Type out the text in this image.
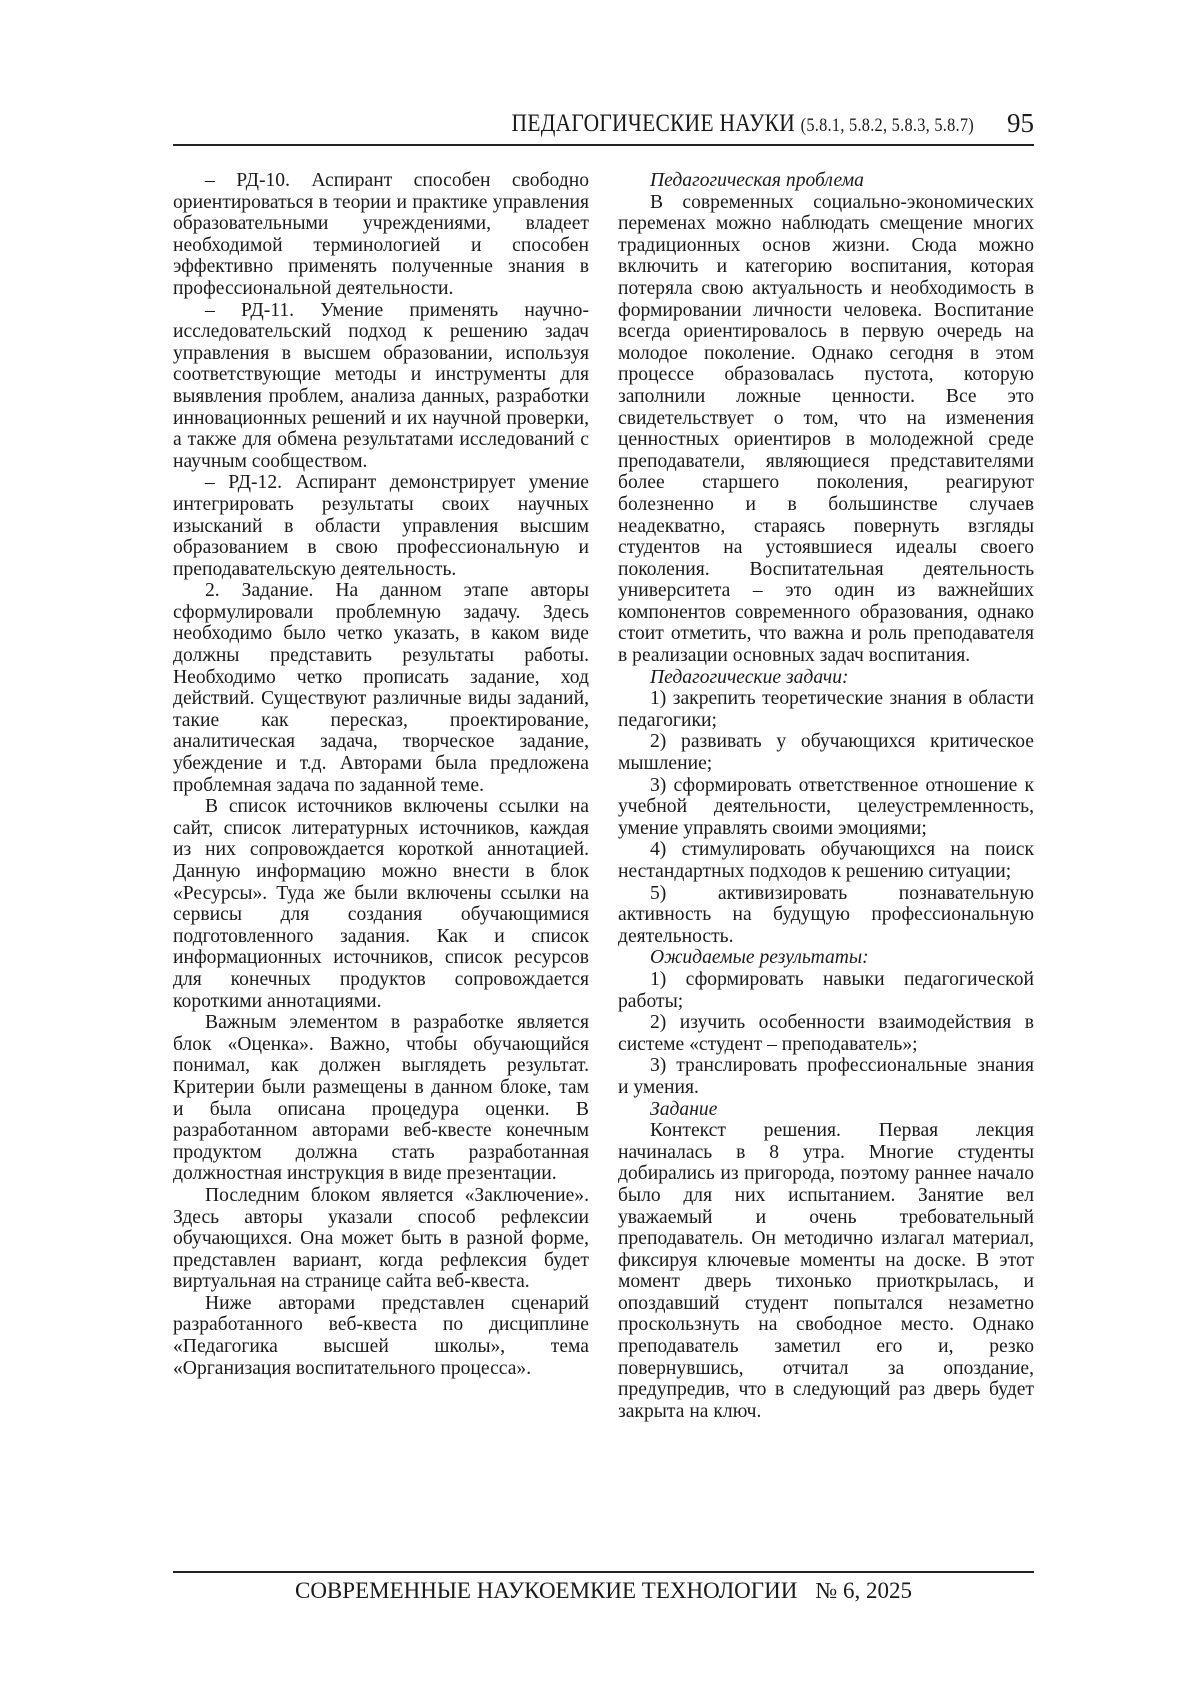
ПЕДАГОГИЧЕСКИЕ НАУКИ (5.8.1, 5.8.2, 5.8.3, 5.8.7) 95

– РД-10. Аспирант способен свободно ориентироваться в теории и практике управления образовательными учреждениями, владеет необходимой терминологией и способен эффективно применять полученные знания в профессиональной деятельности.

– РД-11. Умение применять научно-исследовательский подход к решению задач управления в высшем образовании, используя соответствующие методы и инструменты для выявления проблем, анализа данных, разработки инновационных решений и их научной проверки, а также для обмена результатами исследований с научным сообществом.

– РД-12. Аспирант демонстрирует умение интегрировать результаты своих научных изысканий в области управления высшим образованием в свою профессиональную и преподавательскую деятельность.

2. Задание. На данном этапе авторы сформулировали проблемную задачу. Здесь необходимо было четко указать, в каком виде должны представить результаты работы. Необходимо четко прописать задание, ход действий. Существуют различные виды заданий, такие как пересказ, проектирование, аналитическая задача, творческое задание, убеждение и т.д. Авторами была предложена проблемная задача по заданной теме.

В список источников включены ссылки на сайт, список литературных источников, каждая из них сопровождается короткой аннотацией. Данную информацию можно внести в блок «Ресурсы». Туда же были включены ссылки на сервисы для создания обучающимися подготовленного задания. Как и список информационных источников, список ресурсов для конечных продуктов сопровождается короткими аннотациями.

Важным элементом в разработке является блок «Оценка». Важно, чтобы обучающийся понимал, как должен выглядеть результат. Критерии были размещены в данном блоке, там и была описана процедура оценки. В разработанном авторами веб-квесте конечным продуктом должна стать разработанная должностная инструкция в виде презентации.

Последним блоком является «Заключение». Здесь авторы указали способ рефлексии обучающихся. Она может быть в разной форме, представлен вариант, когда рефлексия будет виртуальная на странице сайта веб-квеста.

Ниже авторами представлен сценарий разработанного веб-квеста по дисциплине «Педагогика высшей школы», тема «Организация воспитательного процесса».

Педагогическая проблема

В современных социально-экономических переменах можно наблюдать смещение многих традиционных основ жизни. Сюда можно включить и категорию воспитания, которая потеряла свою актуальность и необходимость в формировании личности человека. Воспитание всегда ориентировалось в первую очередь на молодое поколение. Однако сегодня в этом процессе образовалась пустота, которую заполнили ложные ценности. Все это свидетельствует о том, что на изменения ценностных ориентиров в молодежной среде преподаватели, являющиеся представителями более старшего поколения, реагируют болезненно и в большинстве случаев неадекватно, стараясь повернуть взгляды студентов на устоявшиеся идеалы своего поколения. Воспитательная деятельность университета – это один из важнейших компонентов современного образования, однако стоит отметить, что важна и роль преподавателя в реализации основных задач воспитания.

Педагогические задачи:

1) закрепить теоретические знания в области педагогики;

2) развивать у обучающихся критическое мышление;

3) сформировать ответственное отношение к учебной деятельности, целеустремленность, умение управлять своими эмоциями;

4) стимулировать обучающихся на поиск нестандартных подходов к решению ситуации;

5) активизировать познавательную активность на будущую профессиональную деятельность.

Ожидаемые результаты:

1) сформировать навыки педагогической работы;

2) изучить особенности взаимодействия в системе «студент – преподаватель»;

3) транслировать профессиональные знания и умения.

Задание

Контекст решения. Первая лекция начиналась в 8 утра. Многие студенты добирались из пригорода, поэтому раннее начало было для них испытанием. Занятие вел уважаемый и очень требовательный преподаватель. Он методично излагал материал, фиксируя ключевые моменты на доске. В этот момент дверь тихонько приоткрылась, и опоздавший студент попытался незаметно проскользнуть на свободное место. Однако преподаватель заметил его и, резко повернувшись, отчитал за опоздание, предупредив, что в следующий раз дверь будет закрыта на ключ.

СОВРЕМЕННЫЕ НАУКОЕМКИЕ ТЕХНОЛОГИИ № 6, 2025
